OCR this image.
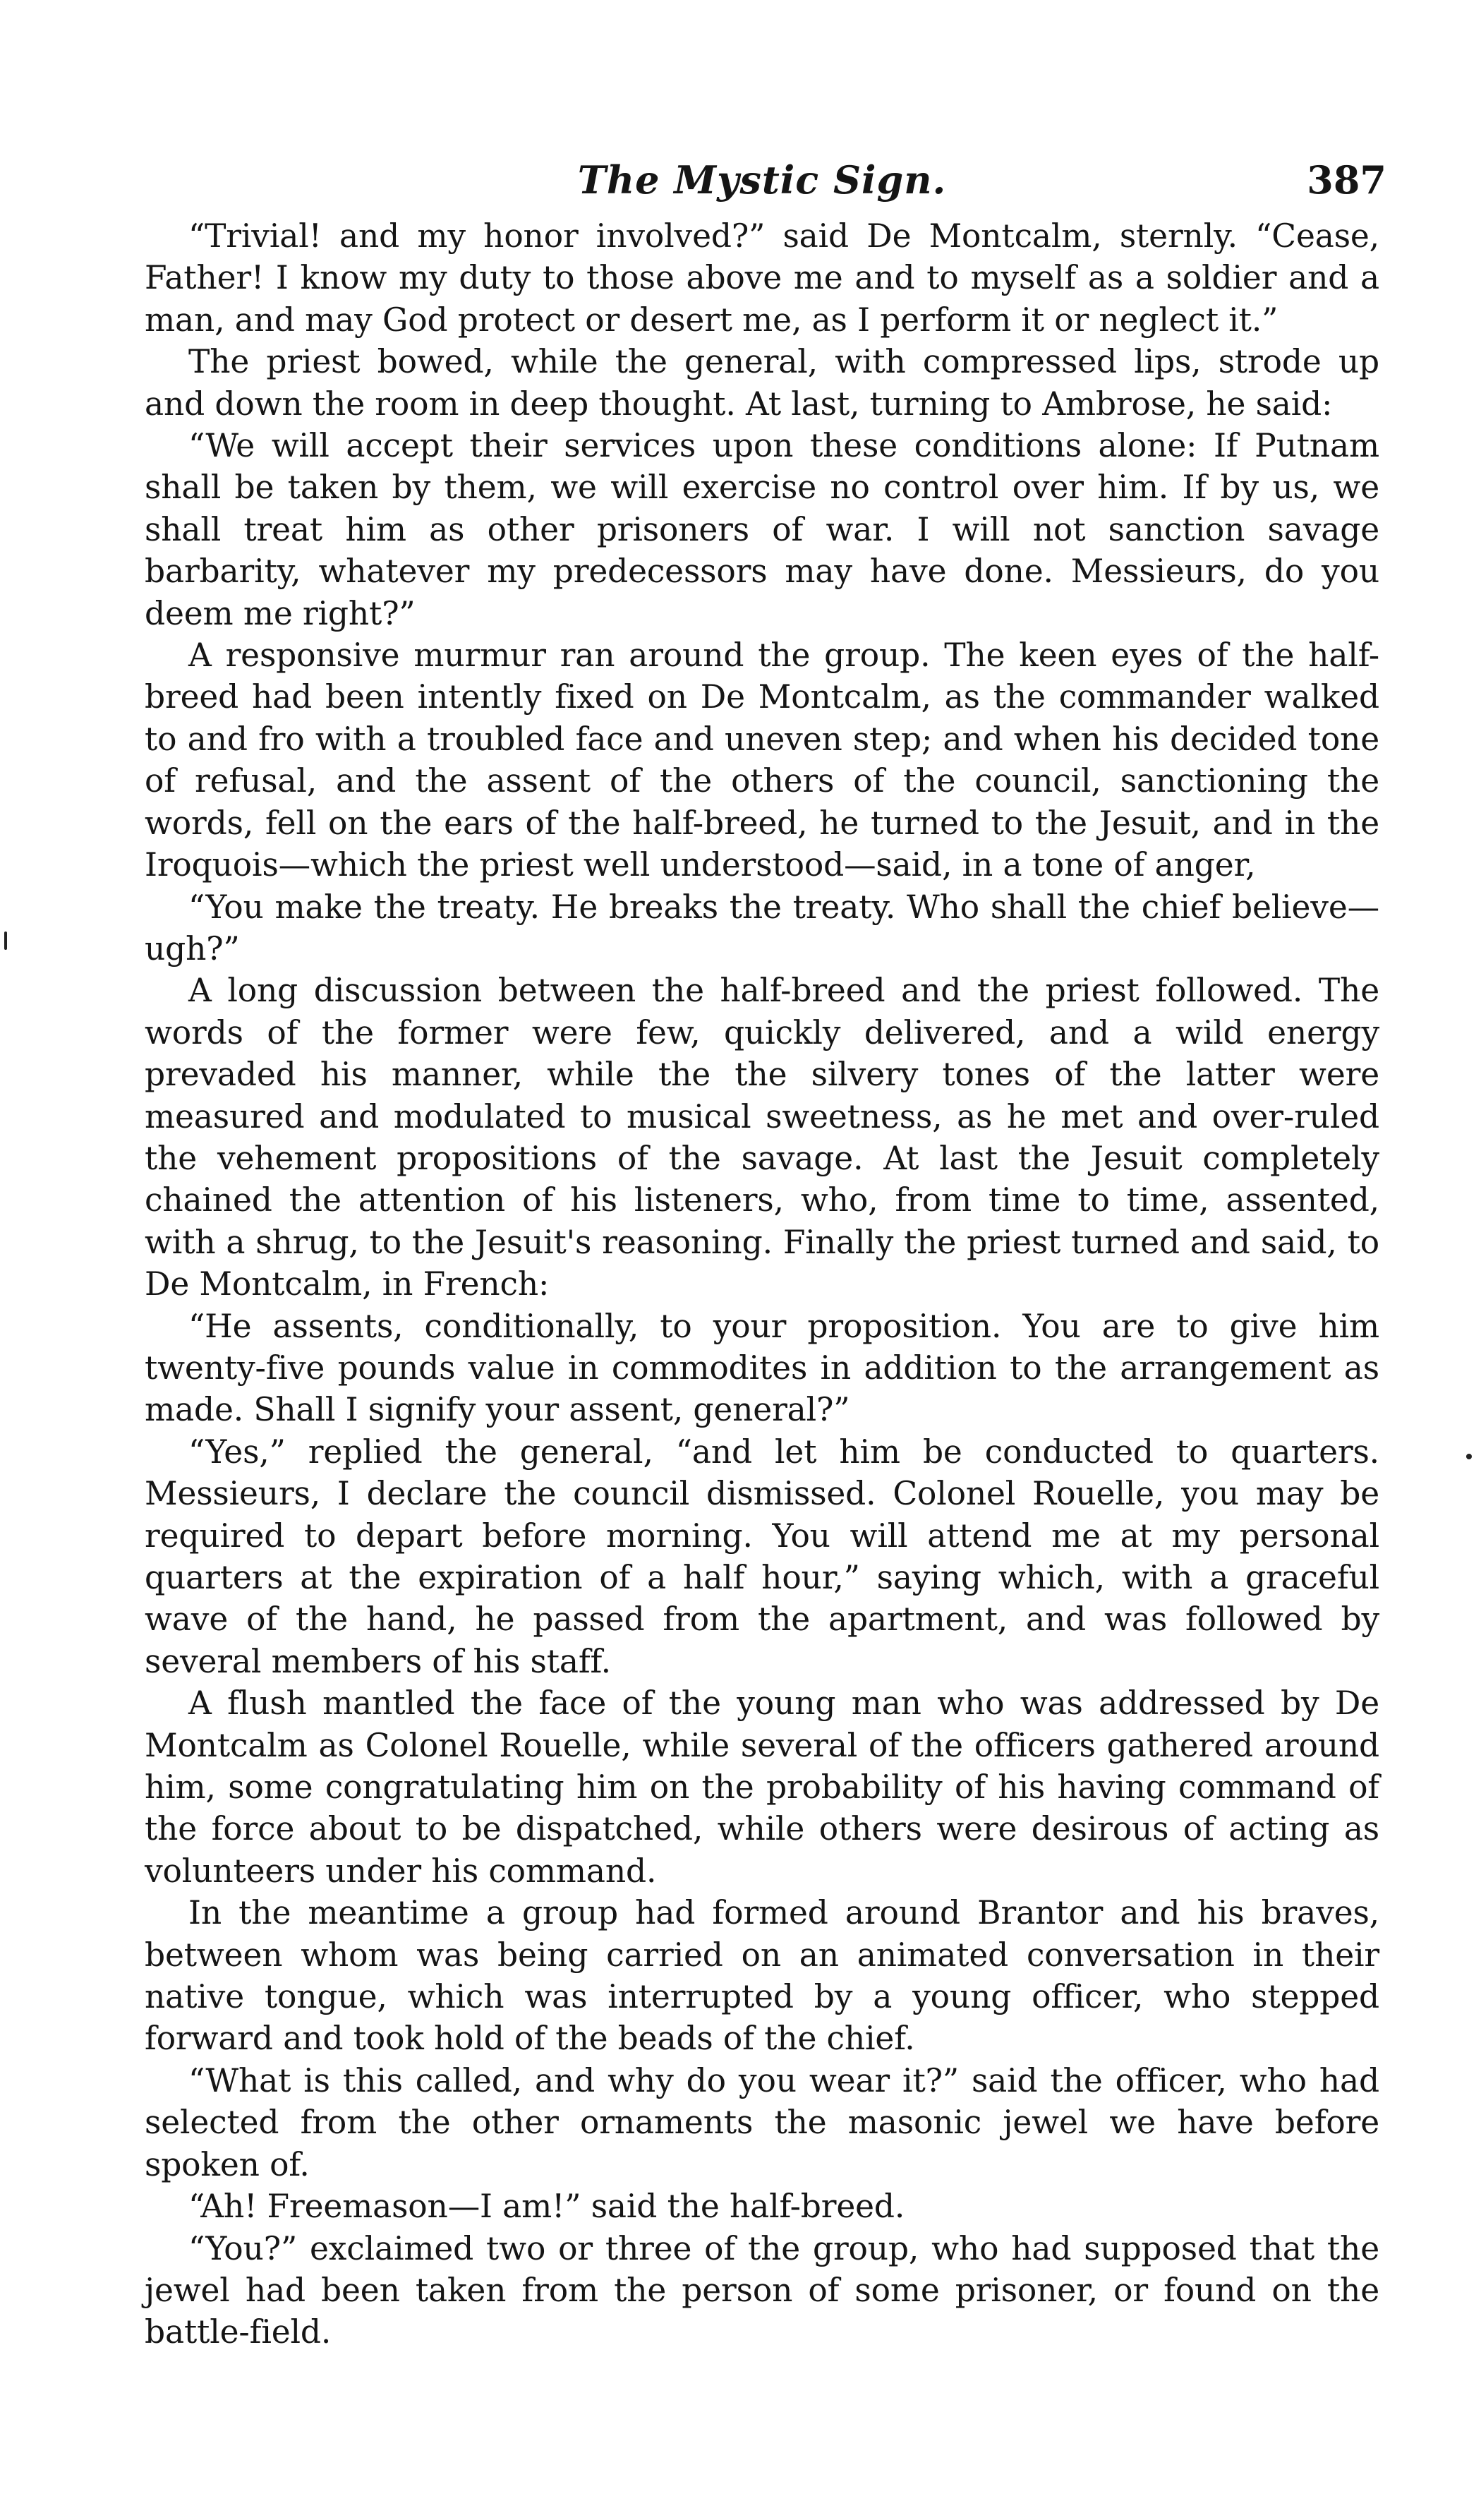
The Mystic Sign.	387

“Trivial! and my honor involved?” said De Montcalm, sternly. “Cease, Father! I know my duty to those above me and to myself as a soldier and a man, and may God protect or desert me, as I perform it or neglect it.”

The priest bowed, while the general, with compressed lips, strode up and down the room in deep thought. At last, turning to Ambrose, he said:

“We will accept their services upon these conditions alone: If Putnam shall be taken by them, we will exercise no control over him. If by us, we shall treat him as other prisoners of war. I will not sanction savage barbarity, whatever my predecessors may have done. Messieurs, do you deem me right?”

A responsive murmur ran around the group. The keen eyes of the half-breed had been intently fixed on De Montcalm, as the commander walked to and fro with a troubled face and uneven step; and when his decided tone of refusal, and the assent of the others of the council, sanctioning the words, fell on the ears of the half-breed, he turned to the Jesuit, and in the Iroquois—which the priest well understood—said, in a tone of anger,

“You make the treaty. He breaks the treaty. Who shall the chief believe—ugh?”

A long discussion between the half-breed and the priest followed. The words of the former were few, quickly delivered, and a wild energy prevaded his manner, while the the silvery tones of the latter were measured and modulated to musical sweetness, as he met and over-ruled the vehement propositions of the savage. At last the Jesuit completely chained the attention of his listeners, who, from time to time, assented, with a shrug, to the Jesuit's reasoning. Finally the priest turned and said, to De Montcalm, in French:

“He assents, conditionally, to your proposition. You are to give him twenty-five pounds value in commodites in addition to the arrangement as made. Shall I signify your assent, general?”

“Yes,” replied the general, “and let him be conducted to quarters. Messieurs, I declare the council dismissed. Colonel Rouelle, you may be required to depart before morning. You will attend me at my personal quarters at the expiration of a half hour,” saying which, with a graceful wave of the hand, he passed from the apartment, and was followed by several members of his staff.

A flush mantled the face of the young man who was addressed by De Montcalm as Colonel Rouelle, while several of the officers gathered around him, some congratulating him on the probability of his having command of the force about to be dispatched, while others were desirous of acting as volunteers under his command.

In the meantime a group had formed around Brantor and his braves, between whom was being carried on an animated conversation in their native tongue, which was interrupted by a young officer, who stepped forward and took hold of the beads of the chief.

“What is this called, and why do you wear it?” said the officer, who had selected from the other ornaments the masonic jewel we have before spoken of.

“Ah! Freemason—I am!” said the half-breed.

“You?” exclaimed two or three of the group, who had supposed that the jewel had been taken from the person of some prisoner, or found on the battle-field.
